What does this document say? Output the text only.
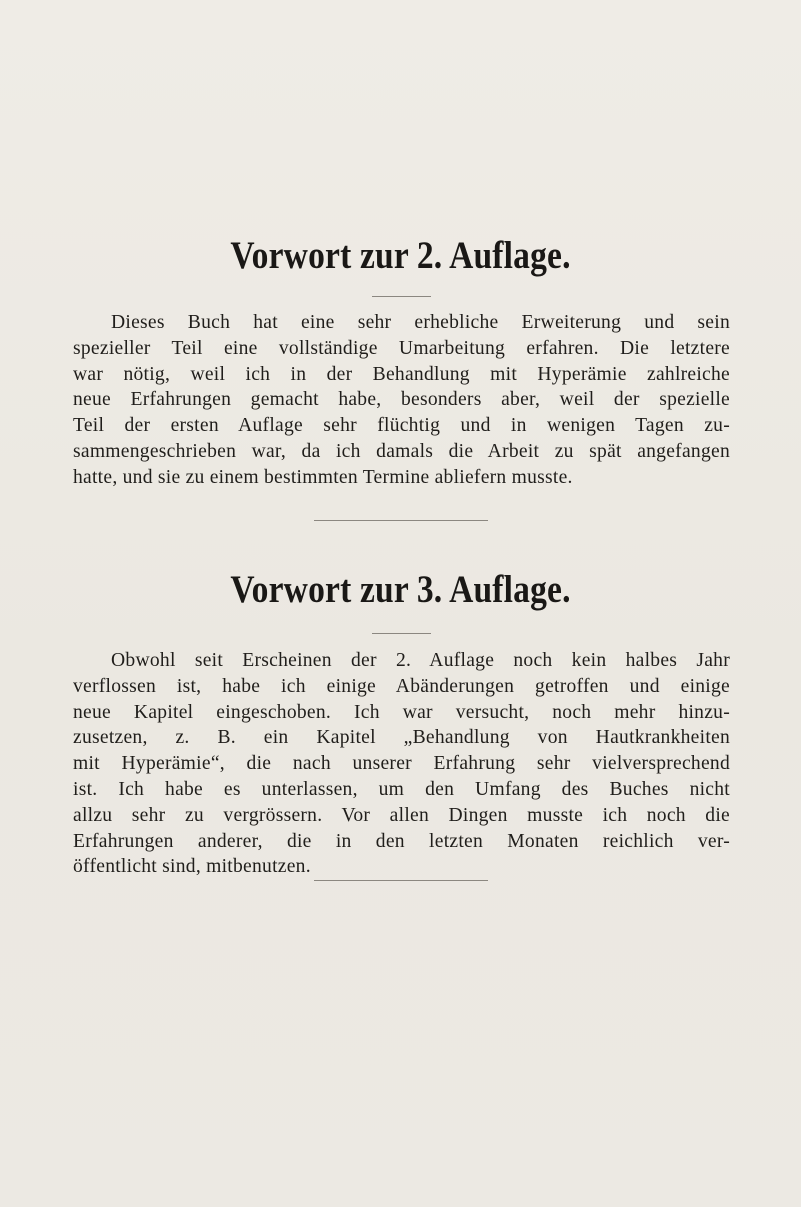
Vorwort zur 2. Auflage.
Dieses Buch hat eine sehr erhebliche Erweiterung und sein
spezieller Teil eine vollständige Umarbeitung erfahren. Die letztere
war nötig, weil ich in der Behandlung mit Hyperämie zahlreiche
neue Erfahrungen gemacht habe, besonders aber, weil der spezielle
Teil der ersten Auflage sehr flüchtig und in wenigen Tagen zu-
sammengeschrieben war, da ich damals die Arbeit zu spät angefangen
hatte, und sie zu einem bestimmten Termine abliefern musste.
Vorwort zur 3. Auflage.
Obwohl seit Erscheinen der 2. Auflage noch kein halbes Jahr
verflossen ist, habe ich einige Abänderungen getroffen und einige
neue Kapitel eingeschoben. Ich war versucht, noch mehr hinzu-
zusetzen, z. B. ein Kapitel „Behandlung von Hautkrankheiten
mit Hyperämie“, die nach unserer Erfahrung sehr vielversprechend
ist. Ich habe es unterlassen, um den Umfang des Buches nicht
allzu sehr zu vergrössern. Vor allen Dingen musste ich noch die
Erfahrungen anderer, die in den letzten Monaten reichlich ver-
öffentlicht sind, mitbenutzen.
